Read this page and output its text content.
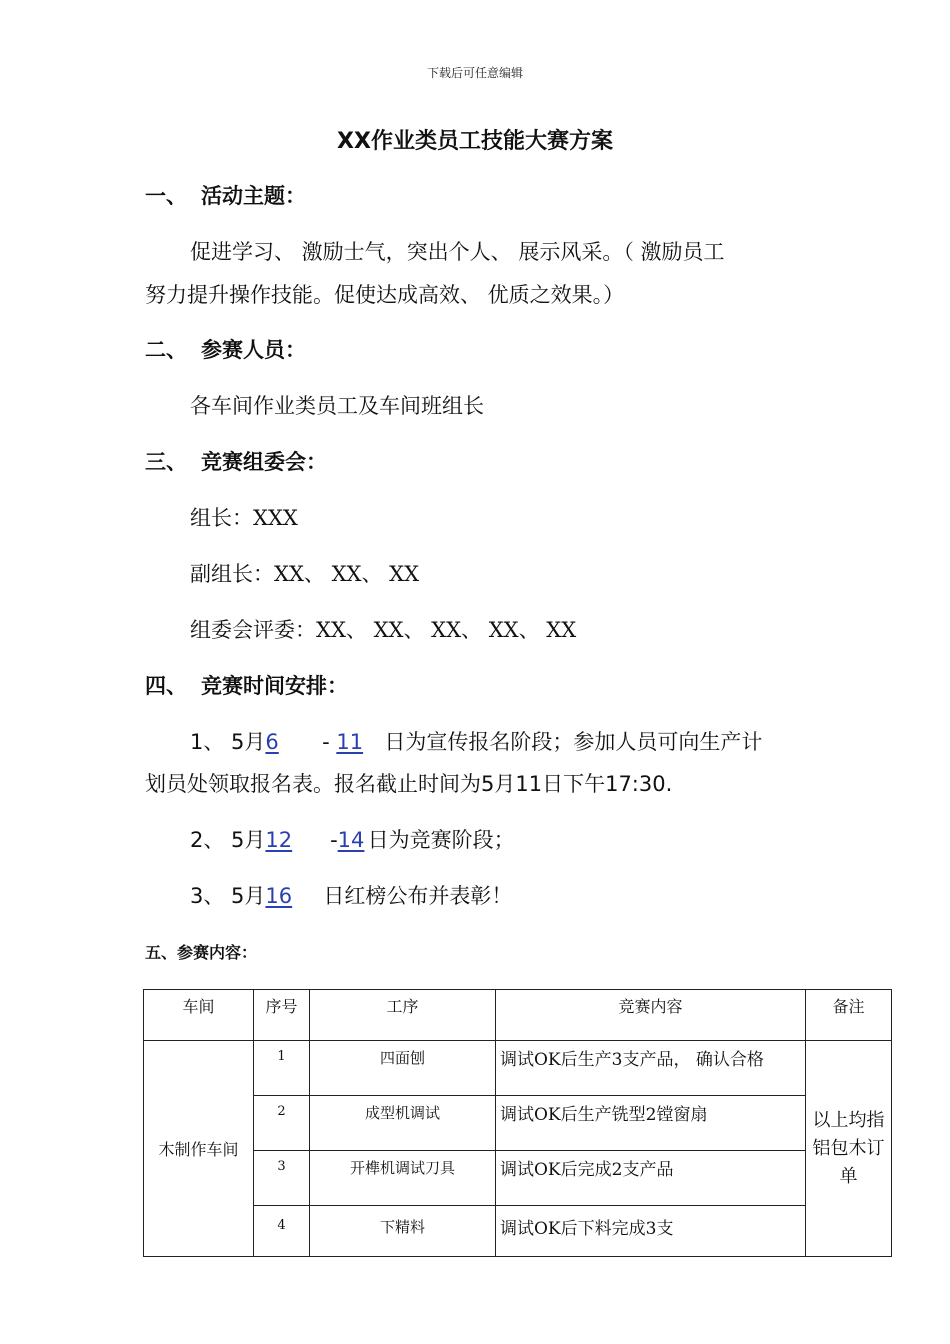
下载后可任意编辑
XX作业类员工技能大赛方案
一、 活动主题：
促进学习、 激励士气，突出个人、 展示风采。（ 激励员工
努力提升操作技能。促使达成高效、 优质之效果。）
二、 参赛人员：
各车间作业类员工及车间班组长
三、 竞赛组委会：
组长：XXX
副组长：XX、 XX、 XX
组委会评委：XX、 XX、 XX、 XX、 XX
四、 竞赛时间安排：
1、 5月6 - 11日为宣传报名阶段；参加人员可向生产计
划员处领取报名表。报名截止时间为5月11日下午17:30.
2、 5月12 -14日为竞赛阶段；
3、 5月16日红榜公布并表彰！
五、参赛内容：
车间	序号	工序	竞赛内容	备注
木制作车间	1	四面刨	调试OK后生产3支产品， 确认合格	以上均指铝包木订单
	2	成型机调试	调试OK后生产铣型2镗窗扇	
	3	开榫机调试刀具	调试OK后完成2支产品	
	4	下精料	调试OK后下料完成3支	
